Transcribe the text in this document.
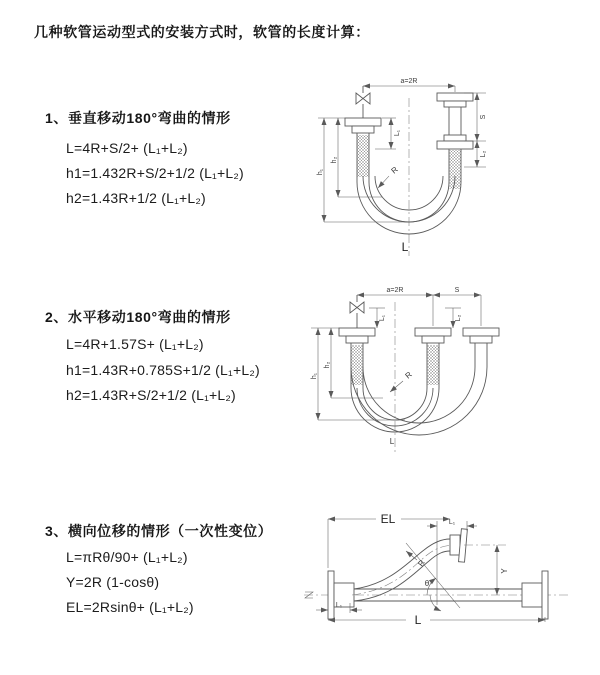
几种软管运动型式的安装方式时，软管的长度计算：
1、垂直移动180°弯曲的情形
L=4R+S/2+ (L₁+L₂)
h1=1.432R+S/2+1/2 (L₁+L₂)
h2=1.43R+1/2 (L₁+L₂)
2、水平移动180°弯曲的情形
L=4R+1.57S+ (L₁+L₂)
h1=1.43R+0.785S+1/2 (L₁+L₂)
h2=1.43R+S/2+1/2 (L₁+L₂)
3、横向位移的情形（一次性变位）
L=πRθ/90+ (L₁+L₂)
Y=2R (1-cosθ)
EL=2Rsinθ+ (L₁+L₂)
a=2R
L₁
S
L₂
h₁
h₂
R
L
a=2R	S
L₁	L₂
h₁
h₂
R
L
EL	L₁
Y
θ
R
L₁
L
